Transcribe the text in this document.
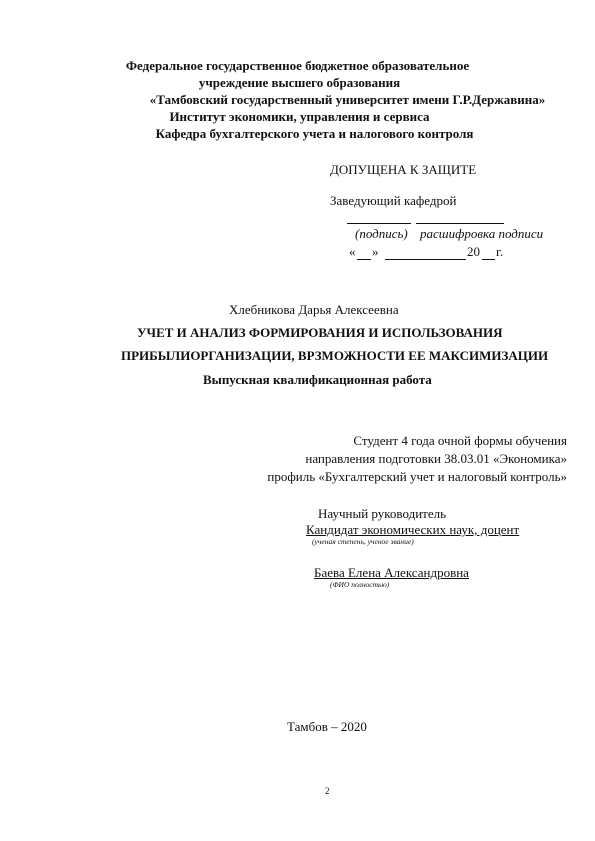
Федеральное государственное бюджетное образовательное
учреждение высшего образования
«Тамбовский государственный университет имени Г.Р.Державина»
Институт экономики, управления и сервиса
Кафедра бухгалтерского учета и налогового контроля
ДОПУЩЕНА К ЗАЩИТЕ
Заведующий кафедрой
(подпись) расшифровка подписи
« »	20 г.
Хлебникова Дарья Алексеевна
УЧЕТ И АНАЛИЗ ФОРМИРОВАНИЯ И ИСПОЛЬЗОВАНИЯ
ПРИБЫЛИОРГАНИЗАЦИИ, ВРЗМОЖНОСТИ ЕЕ МАКСИМИЗАЦИИ
Выпускная квалификационная работа
Студент 4 года очной формы обучения
направления подготовки 38.03.01 «Экономика»
профиль «Бухгалтерский учет и налоговый контроль»
Научный руководитель
Кандидат экономических наук, доцент
(ученая степень, ученое звание)
Баева Елена Александровна
(ФИО полностью)
Тамбов – 2020
2
